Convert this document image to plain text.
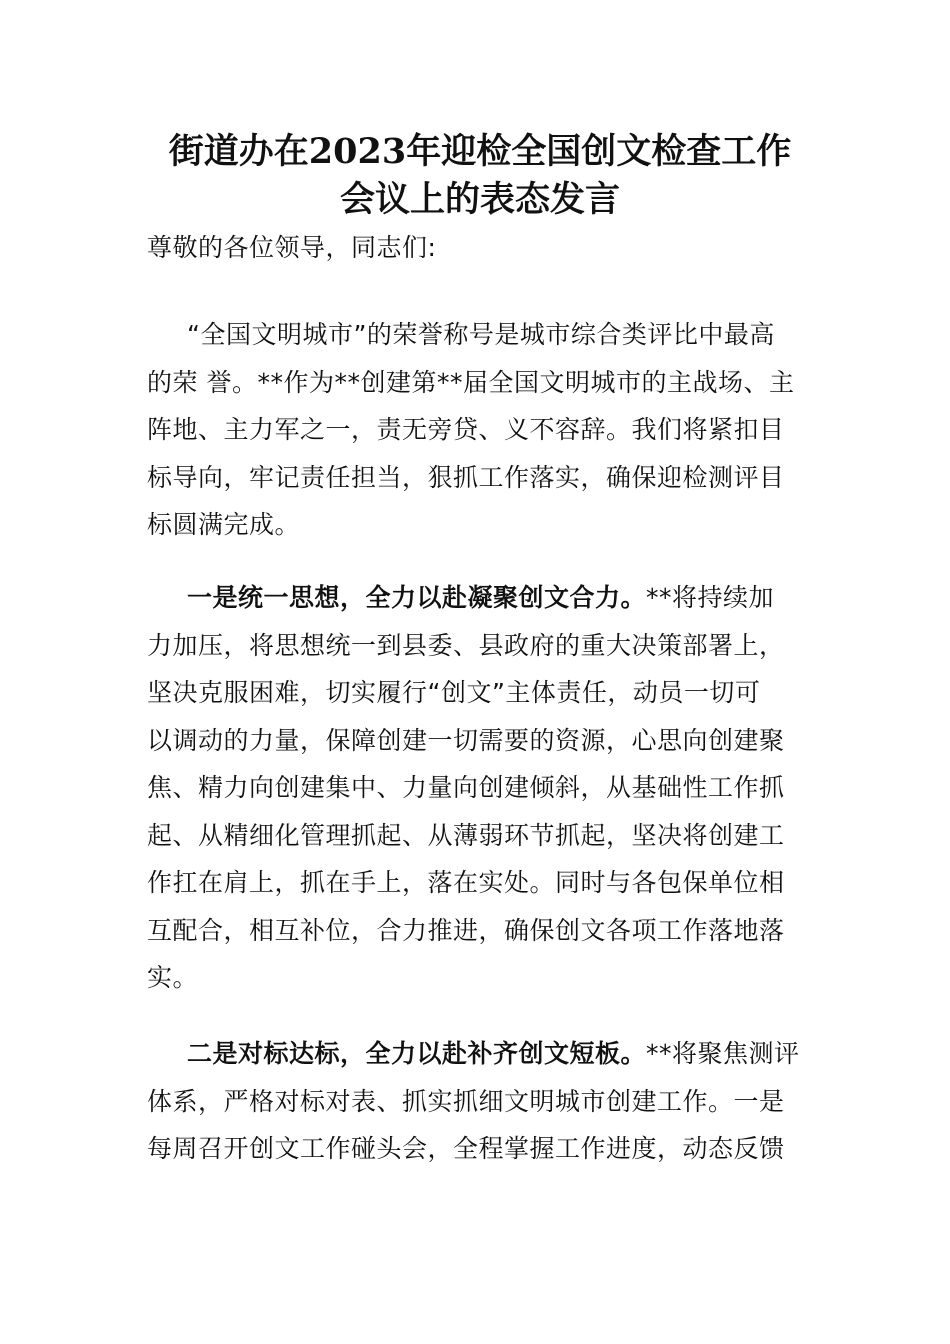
街道办在2023年迎检全国创文检查工作
会议上的表态发言
尊敬的各位领导，同志们:
“全国文明城市”的荣誉称号是城市综合类评比中最高
的荣 誉。**作为**创建第**届全国文明城市的主战场、主
阵地、主力军之一，责无旁贷、义不容辞。我们将紧扣目
标导向，牢记责任担当，狠抓工作落实，确保迎检测评目
标圆满完成。
一是统一思想，全力以赴凝聚创文合力。**将持续加
力加压，将思想统一到县委、县政府的重大决策部署上，
坚决克服困难，切实履行“创文”主体责任，动员一切可
以调动的力量，保障创建一切需要的资源，心思向创建聚
焦、精力向创建集中、力量向创建倾斜，从基础性工作抓
起、从精细化管理抓起、从薄弱环节抓起，坚决将创建工
作扛在肩上，抓在手上，落在实处。同时与各包保单位相
互配合，相互补位，合力推进，确保创文各项工作落地落
实。
二是对标达标，全力以赴补齐创文短板。**将聚焦测评
体系，严格对标对表、抓实抓细文明城市创建工作。一是
每周召开创文工作碰头会，全程掌握工作进度，动态反馈
